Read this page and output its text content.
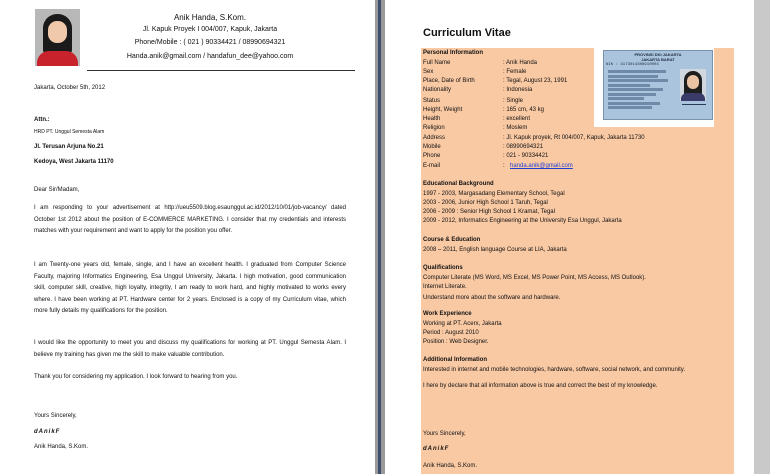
Anik Handa, S.Kom.
Jl. Kapuk Proyek I 004/007, Kapuk, Jakarta
Phone/Mobile : ( 021 ) 90334421 / 08990694321
Handa.anik@gmail.com / handafun_dee@yahoo.com
Jakarta, October 5th, 2012
Attn.:
HRD PT. Unggul Semesta Alam
Jl. Terusan Arjuna No.21
Kedoya, West Jakarta 11170
Dear Sir/Madam,
I am responding to your advertisement at http://ueu5509.blog.esaunggul.ac.id/2012/10/01/job-vacancy/ dated October 1st 2012 about the position of E-COMMERCE MARKETING. I consider that my credentials and interests matches with your requirement and want to apply for the position you offer.
I am Twenty-one years old, female, single, and I have an excellent health. I graduated from Computer Science Faculty, majoring Informatics Engineering, Esa Unggul University, Jakarta. I high motivation, good communication skill, computer skill, creative, high loyalty, integrity, I am ready to work hard, and highly motivated to works every where. I have been working at PT. Hardware center for 2 years. Enclosed is a copy of my Curriculum vitae, which more fully details my qualifications for the position.
I would like the opportunity to meet you and discuss my qualifications for working at PT. Unggul Semesta Alam. I believe my training has given me the skill to make valuable contribution.
Thank you for considering my application. I look forward to hearing from you.
Yours Sincerely,
dAnikF
Anik Handa, S.Kom.
Curriculum Vitae
PROVINSI DKI JAKARTA
JAKARTA BARAT
NIK : 3173014308910004
Personal Information
Full Name	: Anik Handa
Sex	: Female
Place, Date of Birth	: Tegal, August 23, 1991
Nationality	: Indonesia
Status	: Single
Height, Weight	: 165 cm, 43 kg
Health	: excellent
Religion	: Moslem
Address	: Jl. Kapuk proyek, Rt 004/007, Kapuk, Jakarta 11730
Mobile	: 08990694321
Phone	: 021 - 90334421
E-mail	: handa.anik@gmail.com
Educational Background
1997 - 2003, Margasadang Elementary School, Tegal
2003 - 2006, Junior High School 1 Taruh, Tegal
2006 - 2009 : Senior High School 1 Kramat, Tegal
2009 - 2012, Informatics Engineering at the University Esa Unggul, Jakarta
Course & Education
2008 – 2011, English language Course at LIA, Jakarta
Qualifications
Computer Literate (MS Word, MS Excel, MS Power Point, MS Access, MS Outlook).
Internet Literate.
Understand more about the software and hardware.
Work Experience
Working at PT. Acerx, Jakarta
Period : August 2010
Position : Web Designer.
Additional Information
Interested in internet and mobile technologies, hardware, software, social network, and community.
I here by declare that all information above is true and correct the best of my knowledge.
Yours Sincerely,
dAnikF
Anik Handa, S.Kom.
